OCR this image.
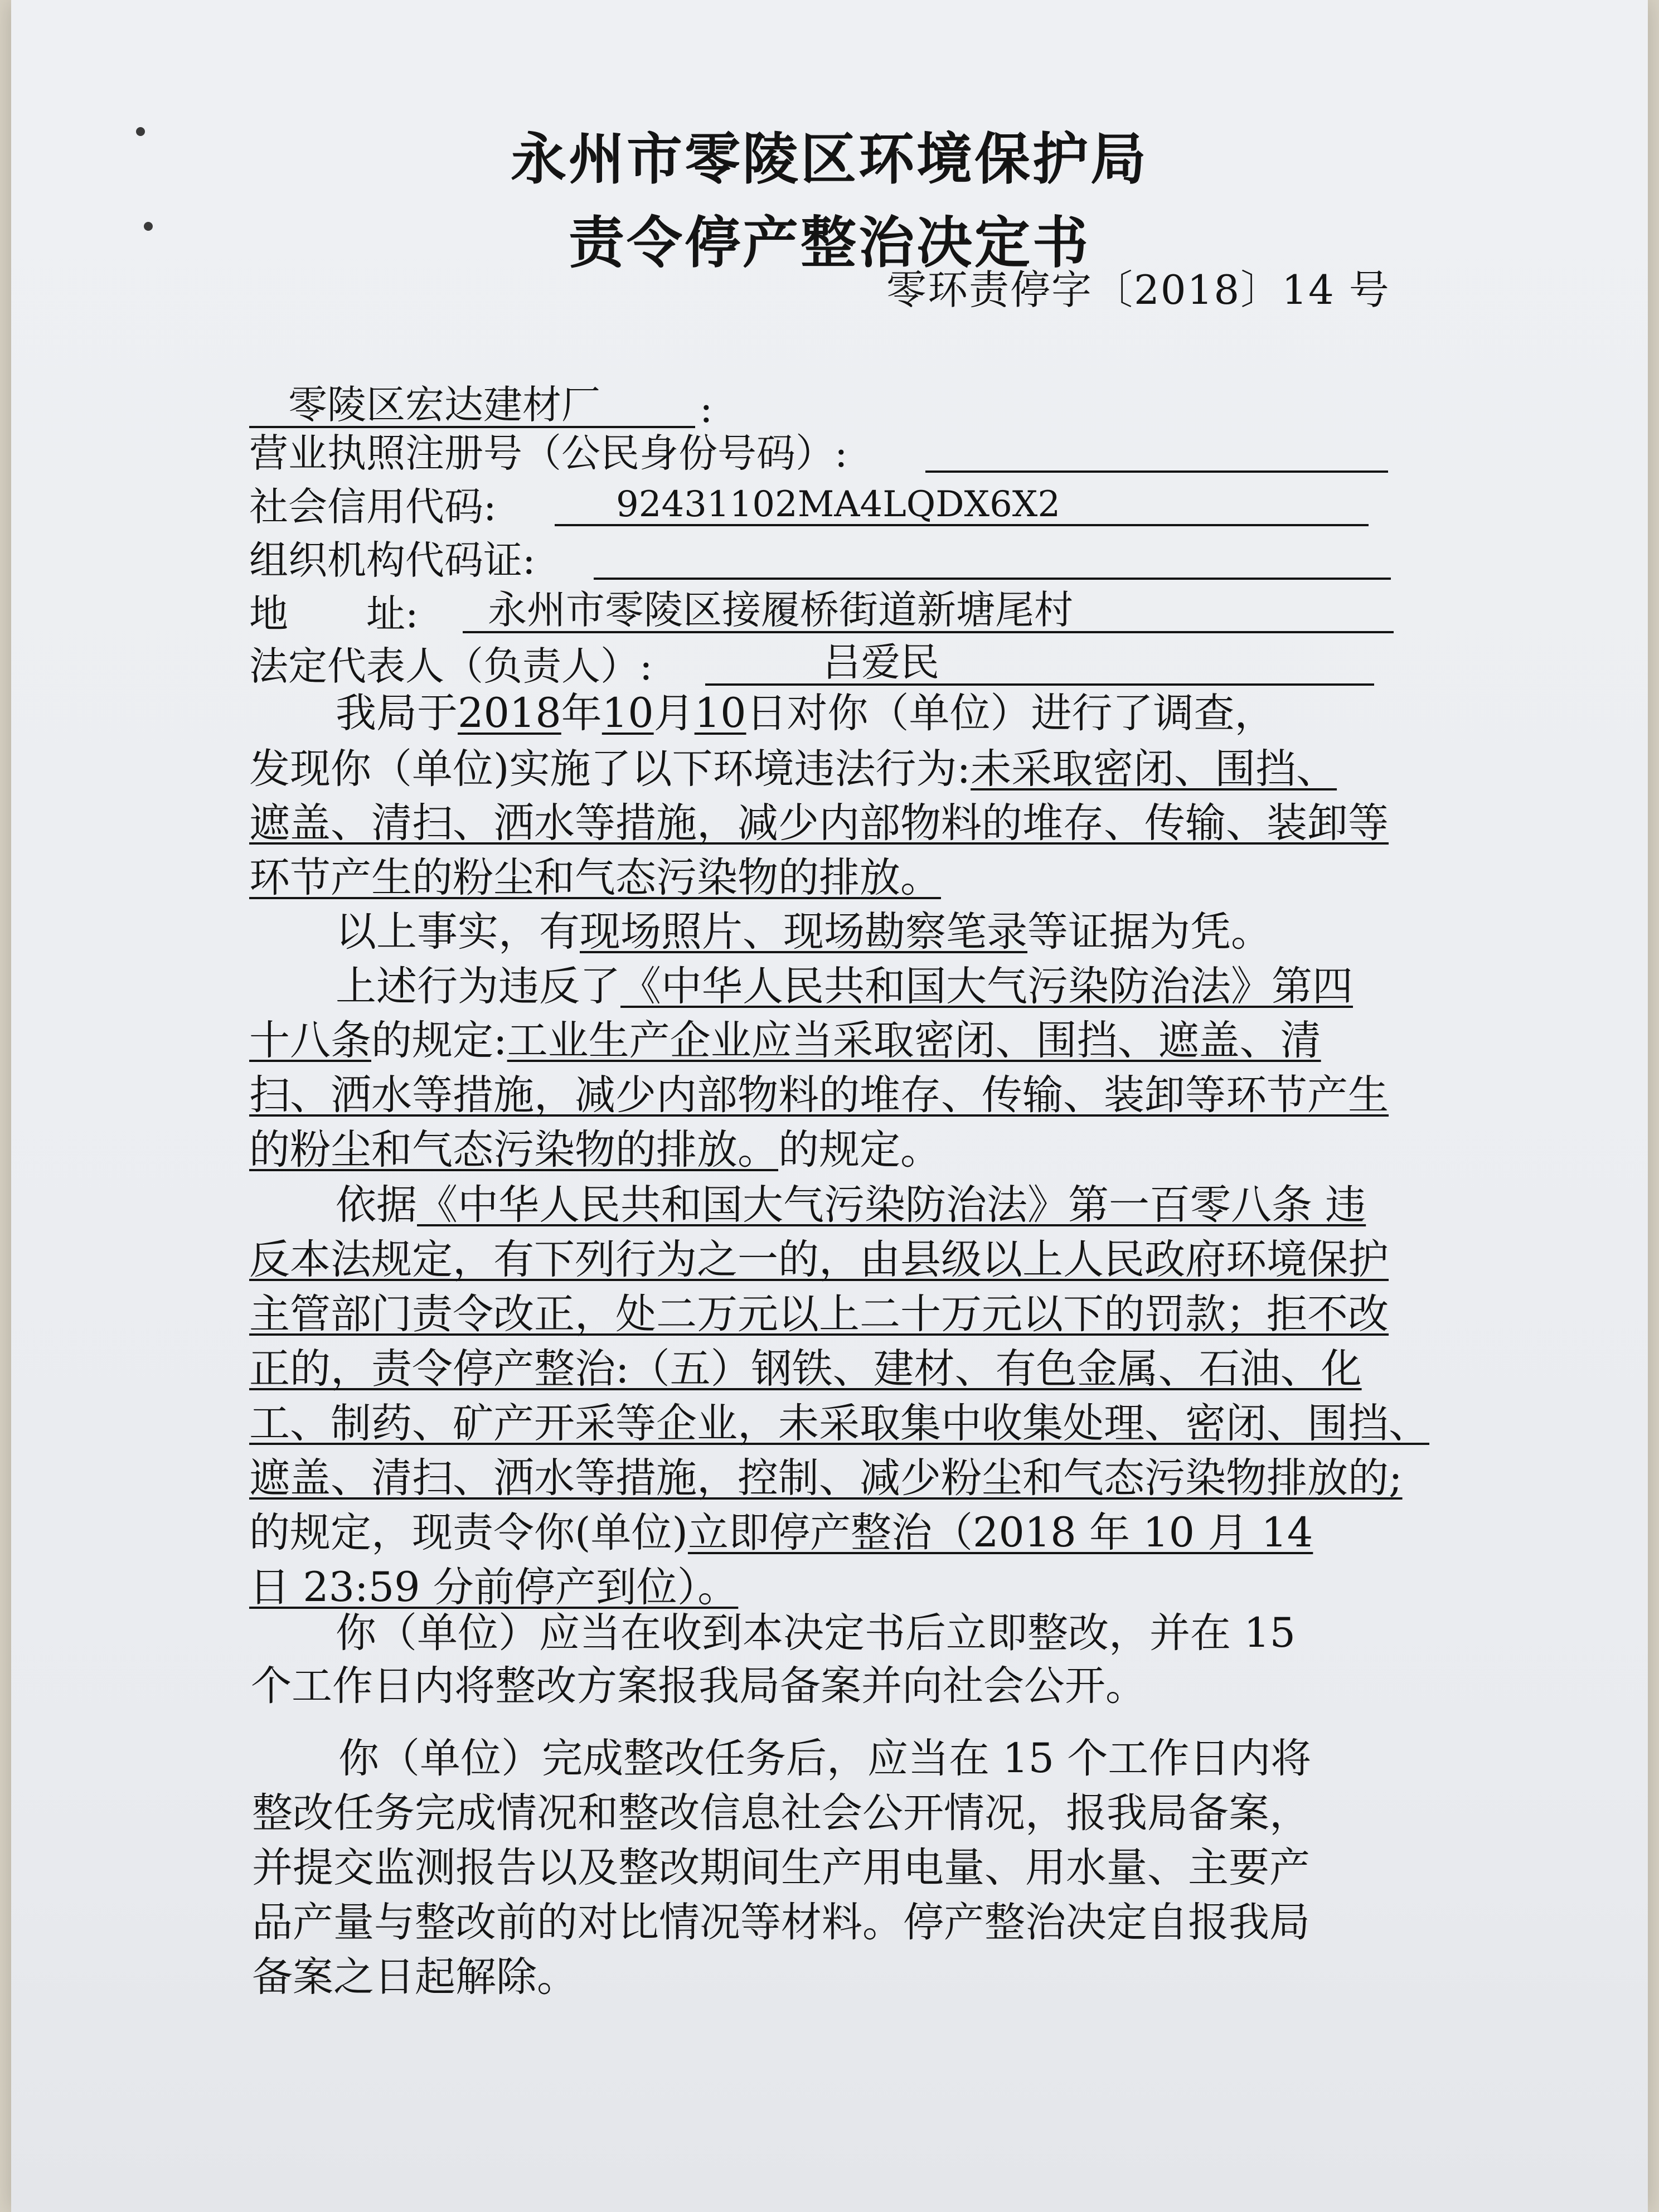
永州市零陵区环境保护局
责令停产整治决定书
零环责停字〔2018〕14 号
零陵区宏达建材厂	:
营业执照注册号（公民身份号码）:
社会信用代码:	92431102MA4LQDX6X2
组织机构代码证:
地　　址:	永州市零陵区接履桥街道新塘尾村
法定代表人（负责人）:	吕爱民
我局于2018年10月10日对你（单位）进行了调查，
发现你（单位)实施了以下环境违法行为:未采取密闭、围挡、
遮盖、清扫、洒水等措施，减少内部物料的堆存、传输、装卸等
环节产生的粉尘和气态污染物的排放。
以上事实，有现场照片、现场勘察笔录等证据为凭。
上述行为违反了《中华人民共和国大气污染防治法》第四
十八条的规定:工业生产企业应当采取密闭、围挡、遮盖、清
扫、洒水等措施，减少内部物料的堆存、传输、装卸等环节产生
的粉尘和气态污染物的排放。的规定。
依据《中华人民共和国大气污染防治法》第一百零八条 违
反本法规定，有下列行为之一的，由县级以上人民政府环境保护
主管部门责令改正，处二万元以上二十万元以下的罚款；拒不改
正的，责令停产整治:（五）钢铁、建材、有色金属、石油、化
工、制药、矿产开采等企业，未采取集中收集处理、密闭、围挡、
遮盖、清扫、洒水等措施，控制、减少粉尘和气态污染物排放的;
的规定，现责令你(单位)立即停产整治（2018 年 10 月 14
日 23:59 分前停产到位）。
你（单位）应当在收到本决定书后立即整改，并在 15
个工作日内将整改方案报我局备案并向社会公开。
你（单位）完成整改任务后，应当在 15 个工作日内将
整改任务完成情况和整改信息社会公开情况，报我局备案，
并提交监测报告以及整改期间生产用电量、用水量、主要产
品产量与整改前的对比情况等材料。停产整治决定自报我局
备案之日起解除。
